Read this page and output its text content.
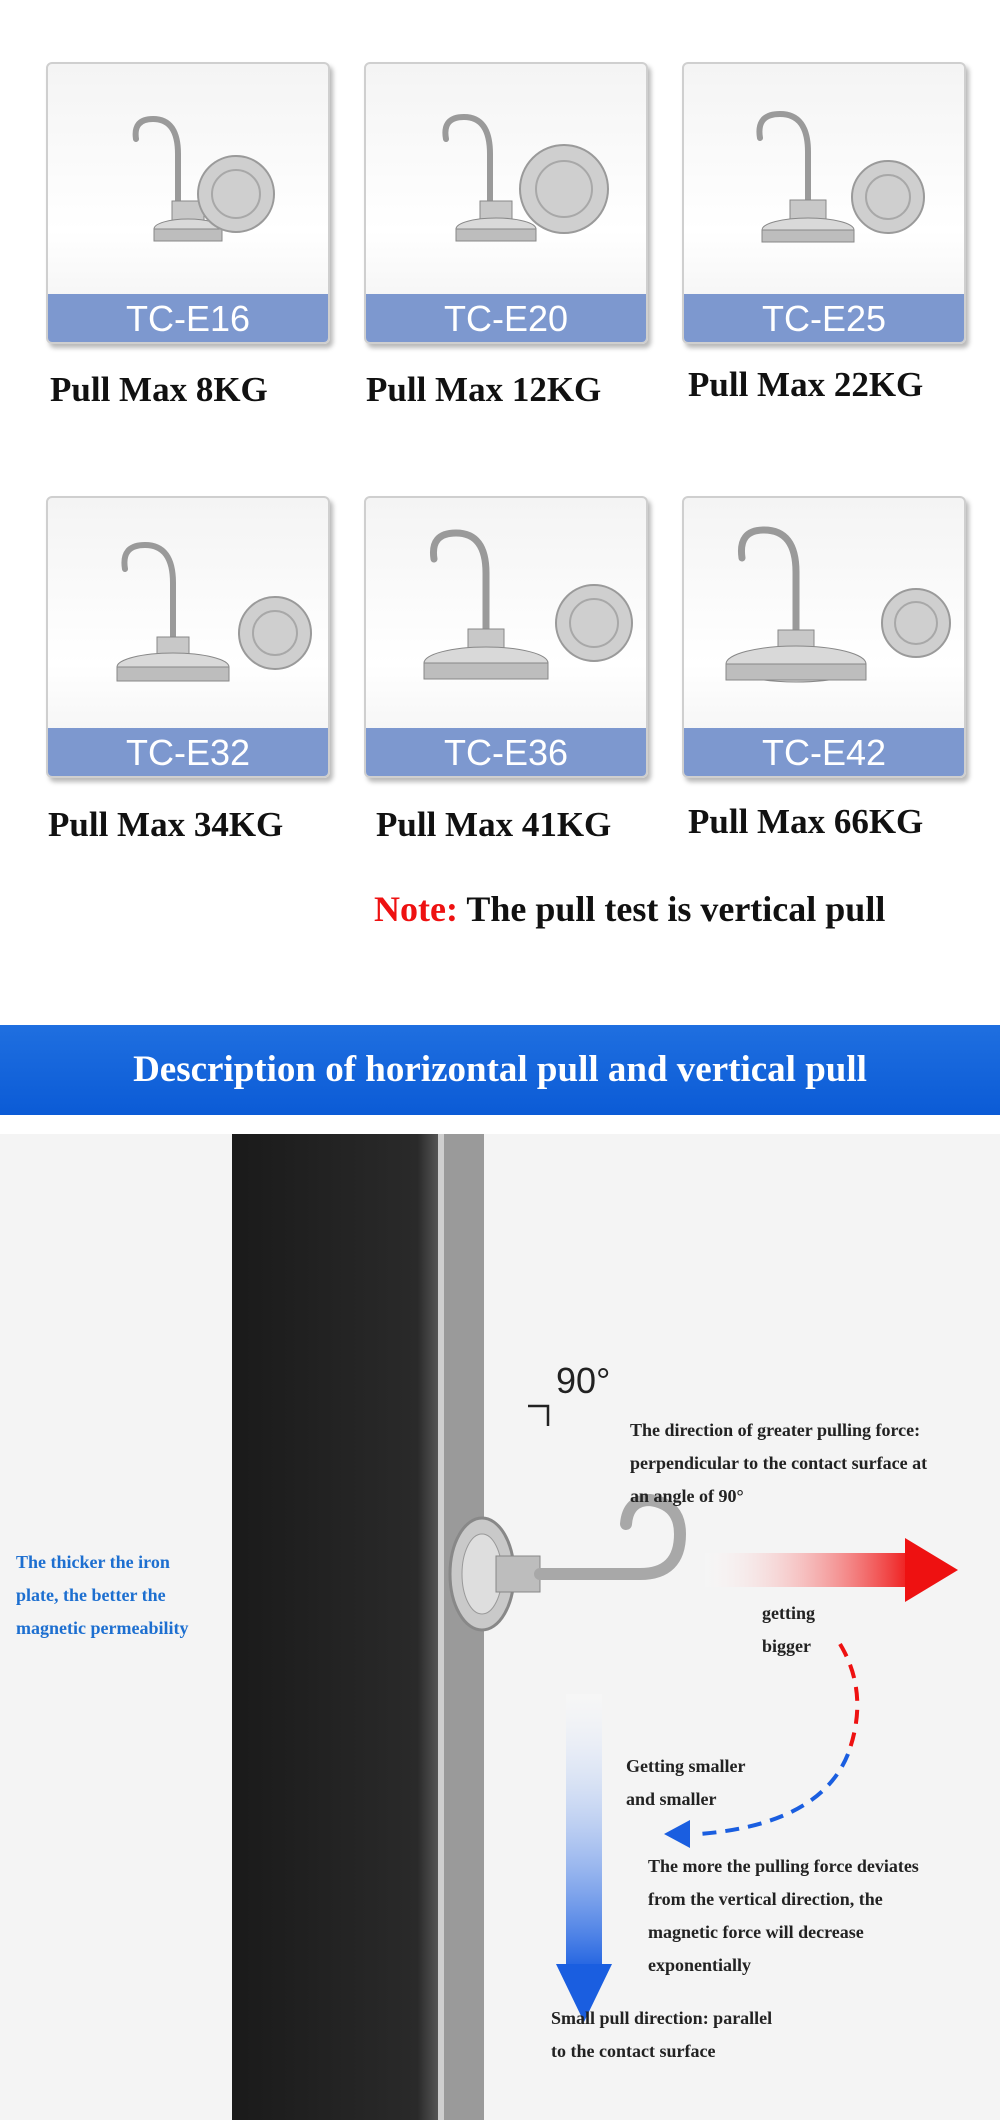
TC-E16	TC-E20	TC-E25
Pull Max 8KG	Pull Max 12KG Pull Max 22KG
TC-E32	TC-E36	TC-E42
Pull Max 34KG	Pull Max 41KG Pull Max 66KG
Note: The pull test is vertical pull
Description of horizontal pull and vertical pull
90°
The direction of greater pulling force:
perpendicular to the contact surface at
an angle of 90°
The thicker the iron
plate, the better the
magnetic permeability
getting
bigger
Getting smaller
and smaller
The more the pulling force deviates
from the vertical direction, the
magnetic force will decrease
exponentially
Small pull direction: parallel
to the contact surface
